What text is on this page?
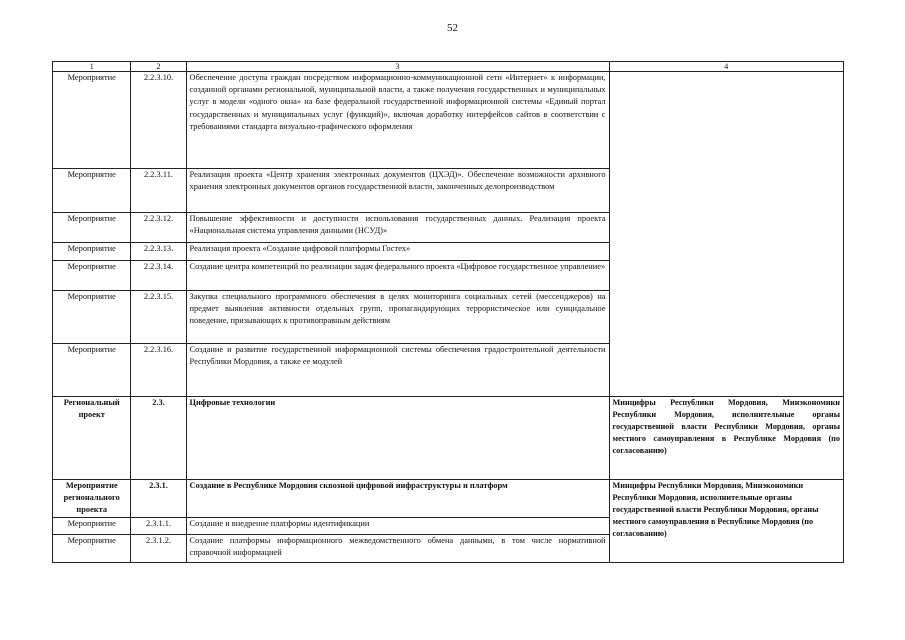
52
1	2	3	4
Мероприятие	2.2.3.10.	Обеспечение доступа граждан посредством информационно-коммуникационной сети «Интернет» к информации, созданной органами региональной, муниципальной власти, а также получения государственных и муниципальных услуг в модели «одного окна» на базе федеральной государственной информационной системы «Единый портал государственных и муниципальных услуг (функций)», включая доработку интерфейсов сайтов в соответствии с требованиями стандарта визуально-графического оформления	
Мероприятие	2.2.3.11.	Реализация проекта «Центр хранения электронных документов (ЦХЭД)». Обеспечение возможности архивного хранения электронных документов органов государственной власти, законченных делопроизводством	
Мероприятие	2.2.3.12.	Повышение эффективности и доступности использования государственных данных. Реализация проекта «Национальная система управления данными (НСУД)»	
Мероприятие	2.2.3.13.	Реализация проекта «Создание цифровой платформы Гостех»	
Мероприятие	2.2.3.14.	Создание центра компетенций по реализации задач федерального проекта «Цифровое государственное управление»	
Мероприятие	2.2.3.15.	Закупка специального программного обеспечения в целях мониторинга социальных сетей (мессенджеров) на предмет выявления активности отдельных групп, пропагандирующих террористическое или суицидальное поведение, призывающих к противоправным действиям	
Мероприятие	2.2.3.16.	Создание и развитие государственной информационной системы обеспечения градостроительной деятельности Республики Мордовия, а также ее модулей	
Региональный проект	2.3.	Цифровые технологии	Минцифры Республики Мордовия, Минэкономики Республики Мордовия, исполнительные органы государственной власти Республики Мордовия, органы местного самоуправления в Республике Мордовия (по согласованию)
Мероприятие регионального проекта	2.3.1.	Создание в Республике Мордовия сквозной цифровой инфраструктуры и платформ	Минцифры Республики Мордовия, Минэкономики Республики Мордовия, исполнительные органы государственной власти Республики Мордовия, органы местного самоуправления в Республике Мордовия (по согласованию)
Мероприятие	2.3.1.1.	Создание и внедрение платформы идентификации	
Мероприятие	2.3.1.2.	Создание платформы информационного межведомственного обмена данными, в том числе нормативной справочной информацией	
